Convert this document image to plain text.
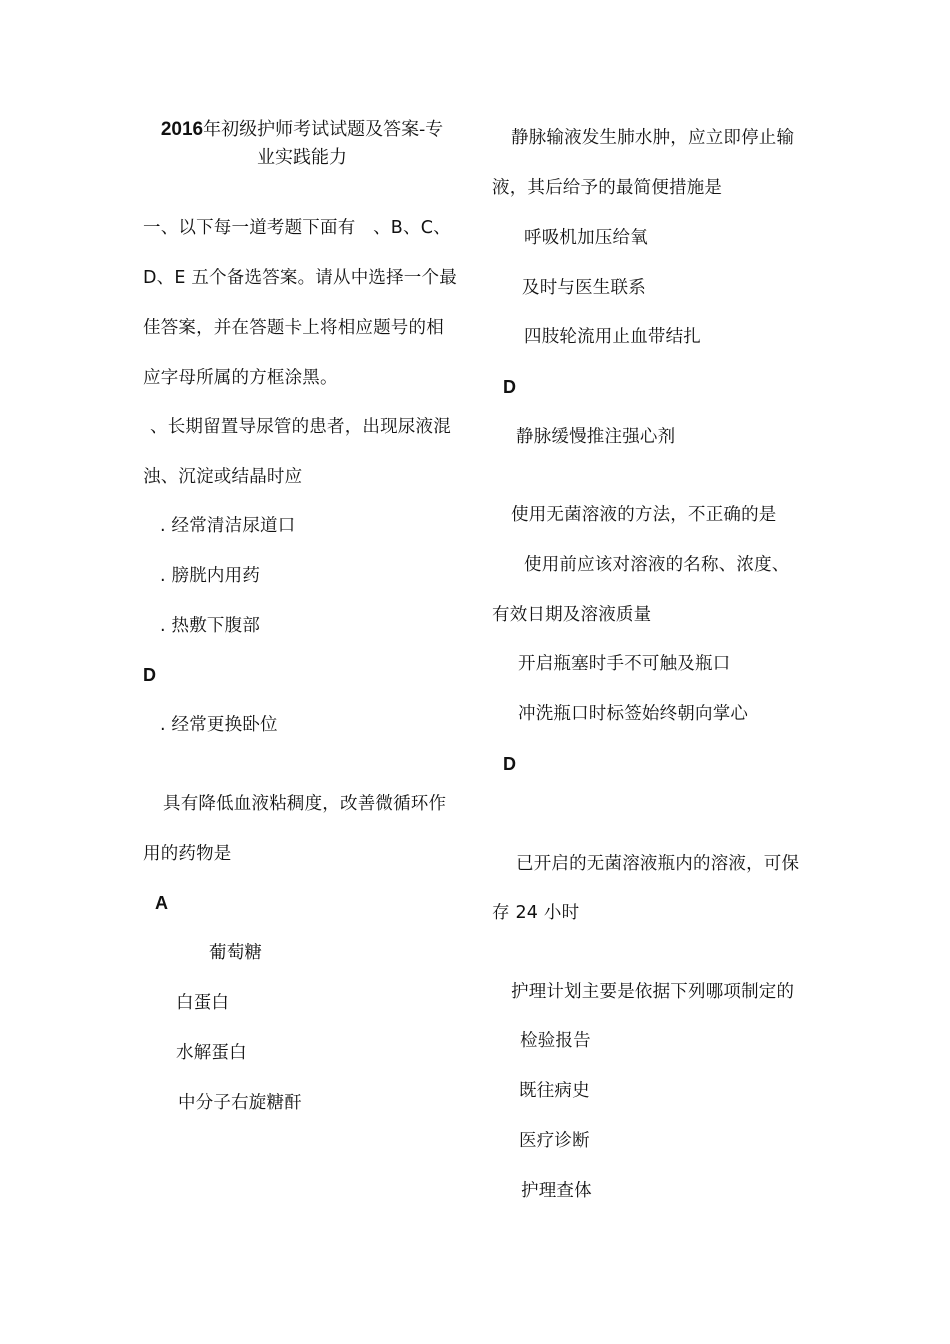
2016年初级护师考试试题及答案-专
业实践能力
一、以下每一道考题下面有　、B、C、
D、E 五个备选答案。请从中选择一个最
佳答案，并在答题卡上将相应题号的相
应字母所属的方框涂黑。
、长期留置导尿管的患者，出现尿液混
浊、沉淀或结晶时应
. 经常清洁尿道口
. 膀胱内用药
. 热敷下腹部
D
. 经常更换卧位
具有降低血液粘稠度，改善微循环作
用的药物是
A
葡萄糖
白蛋白
水解蛋白
中分子右旋糖酐
静脉输液发生肺水肿，应立即停止输
液，其后给予的最简便措施是
呼吸机加压给氧
及时与医生联系
四肢轮流用止血带结扎
D
静脉缓慢推注强心剂
使用无菌溶液的方法，不正确的是
使用前应该对溶液的名称、浓度、
有效日期及溶液质量
开启瓶塞时手不可触及瓶口
冲洗瓶口时标签始终朝向掌心
D
已开启的无菌溶液瓶内的溶液，可保
存 24 小时
护理计划主要是依据下列哪项制定的
检验报告
既往病史
医疗诊断
护理查体
